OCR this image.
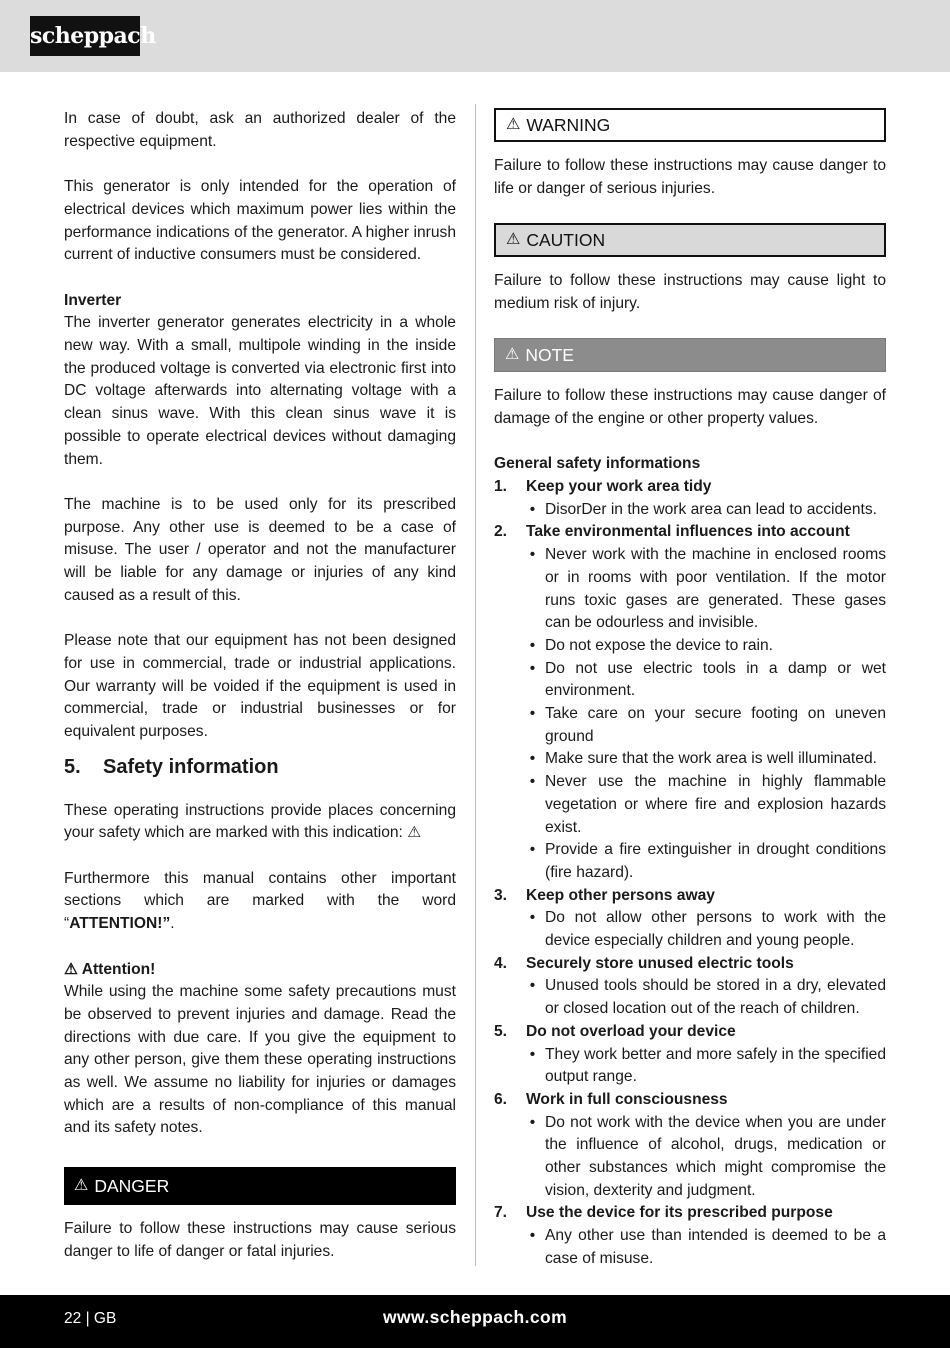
scheppach

In case of doubt, ask an authorized dealer of the respective equipment.

This generator is only intended for the operation of electrical devices which maximum power lies within the performance indications of the generator. A higher inrush current of inductive consumers must be considered.

Inverter

The inverter generator generates electricity in a whole new way. With a small, multipole winding in the inside the produced voltage is converted via electronic first into DC voltage afterwards into alternating voltage with a clean sinus wave. With this clean sinus wave it is possible to operate electrical devices without damaging them.

The machine is to be used only for its prescribed purpose. Any other use is deemed to be a case of misuse. The user / operator and not the manufacturer will be liable for any damage or injuries of any kind caused as a result of this.

Please note that our equipment has not been designed for use in commercial, trade or industrial applications. Our warranty will be voided if the equipment is used in commercial, trade or industrial businesses or for equivalent purposes.

5.	Safety information

These operating instructions provide places concerning your safety which are marked with this indication: ⚠

Furthermore this manual contains other important sections which are marked with the word “ATTENTION!”.

⚠ Attention!

While using the machine some safety precautions must be observed to prevent injuries and damage. Read the directions with due care. If you give the equipment to any other person, give them these operating instructions as well. We assume no liability for injuries or damages which are a results of non-compliance of this manual and its safety notes.

⚠ DANGER

Failure to follow these instructions may cause serious danger to life of danger or fatal injuries.

⚠ WARNING

Failure to follow these instructions may cause danger to life or danger of serious injuries.

⚠ CAUTION

Failure to follow these instructions may cause light to medium risk of injury.

⚠ NOTE

Failure to follow these instructions may cause danger of damage of the engine or other property values.

General safety informations

1.	Keep your work area tidy
• DisorDer in the work area can lead to accidents.
2.	Take environmental influences into account
• Never work with the machine in enclosed rooms or in rooms with poor ventilation. If the motor runs toxic gases are generated. These gases can be odourless and invisible.
• Do not expose the device to rain.
• Do not use electric tools in a damp or wet environment.
• Take care on your secure footing on uneven ground
• Make sure that the work area is well illuminated.
• Never use the machine in highly flammable vegetation or where fire and explosion hazards exist.
• Provide a fire extinguisher in drought conditions (fire hazard).
3.	Keep other persons away
• Do not allow other persons to work with the device especially children and young people.
4.	Securely store unused electric tools
• Unused tools should be stored in a dry, elevated or closed location out of the reach of children.
5.	Do not overload your device
• They work better and more safely in the specified output range.
6.	Work in full consciousness
• Do not work with the device when you are under the influence of alcohol, drugs, medication or other substances which might compromise the vision, dexterity and judgment.
7.	Use the device for its prescribed purpose
• Any other use than intended is deemed to be a case of misuse.
22 | GB	www.scheppach.com
